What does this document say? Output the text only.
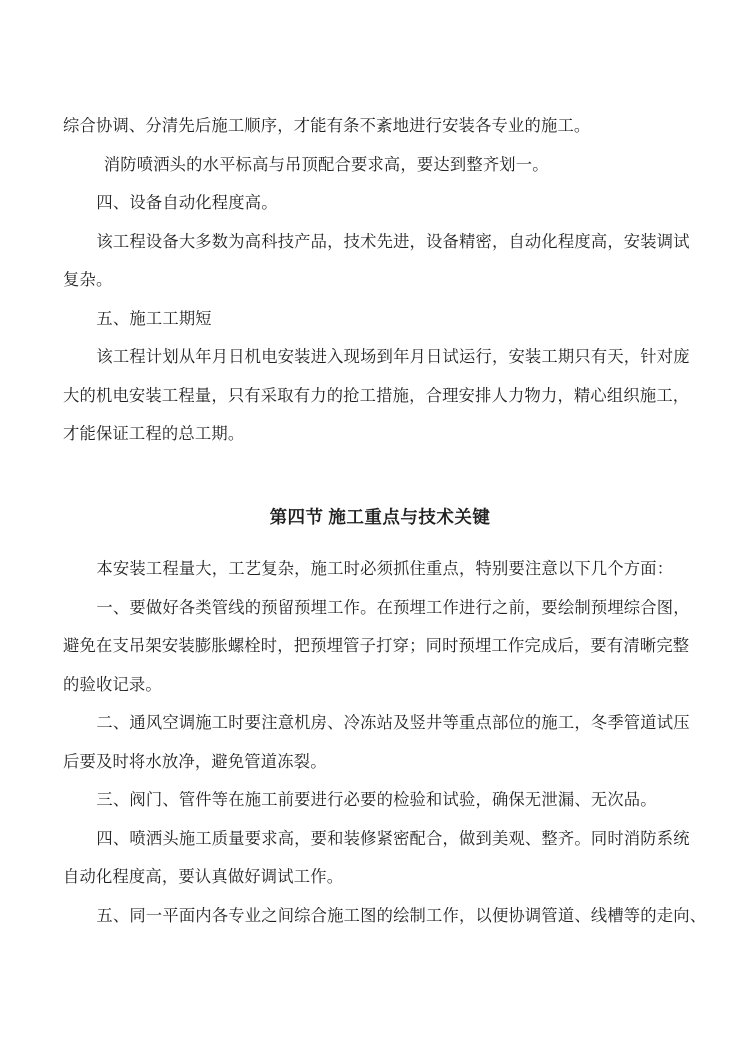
综合协调、分清先后施工顺序，才能有条不紊地进行安装各专业的施工。
消防喷洒头的水平标高与吊顶配合要求高，要达到整齐划一。
四、设备自动化程度高。
该工程设备大多数为高科技产品，技术先进，设备精密，自动化程度高，安装调试
复杂。
五、施工工期短
该工程计划从年月日机电安装进入现场到年月日试运行，安装工期只有天，针对庞
大的机电安装工程量，只有采取有力的抢工措施，合理安排人力物力，精心组织施工，
才能保证工程的总工期。
第四节 施工重点与技术关键
本安装工程量大，工艺复杂，施工时必须抓住重点，特别要注意以下几个方面：
一、要做好各类管线的预留预埋工作。在预埋工作进行之前，要绘制预埋综合图，
避免在支吊架安装膨胀螺栓时，把预埋管子打穿；同时预埋工作完成后，要有清晰完整
的验收记录。
二、通风空调施工时要注意机房、冷冻站及竖井等重点部位的施工，冬季管道试压
后要及时将水放净，避免管道冻裂。
三、阀门、管件等在施工前要进行必要的检验和试验，确保无泄漏、无次品。
四、喷洒头施工质量要求高，要和装修紧密配合，做到美观、整齐。同时消防系统
自动化程度高，要认真做好调试工作。
五、同一平面内各专业之间综合施工图的绘制工作，以便协调管道、线槽等的走向、
